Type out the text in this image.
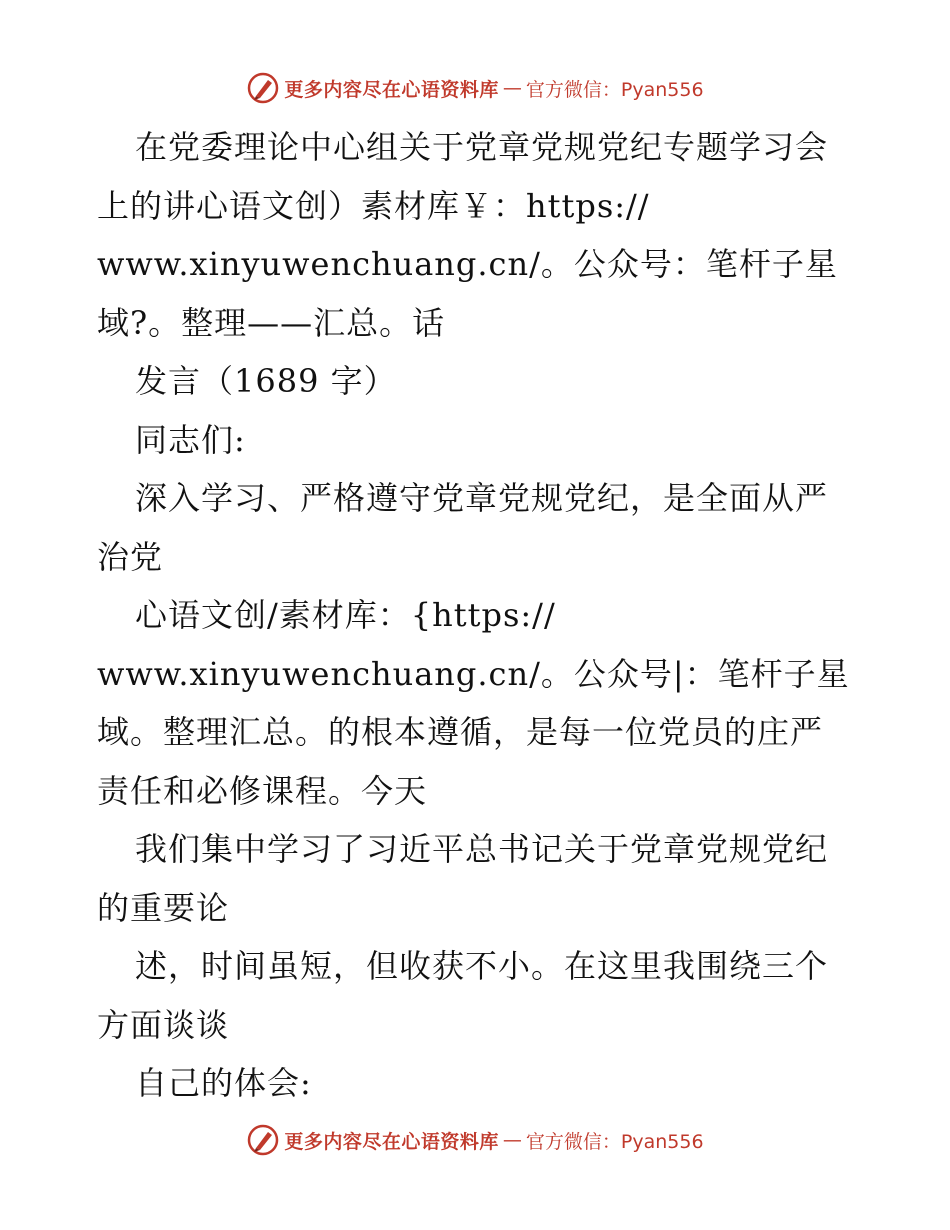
更多内容尽在心语资料库 — 官方微信：Pyan556
在党委理论中心组关于党章党规党纪专题学习会
上的讲心语文创）素材库￥：https://
www.xinyuwenchuang.cn/。公众号：笔杆子星
域?。整理——汇总。话
发言（1689 字）
同志们:
深入学习、严格遵守党章党规党纪，是全面从严
治党
心语文创/素材库：{https://
www.xinyuwenchuang.cn/。公众号|：笔杆子星
域。整理汇总。的根本遵循，是每一位党员的庄严
责任和必修课程。今天
我们集中学习了习近平总书记关于党章党规党纪
的重要论
述，时间虽短，但收获不小。在这里我围绕三个
方面谈谈
自己的体会:
更多内容尽在心语资料库 — 官方微信：Pyan556
